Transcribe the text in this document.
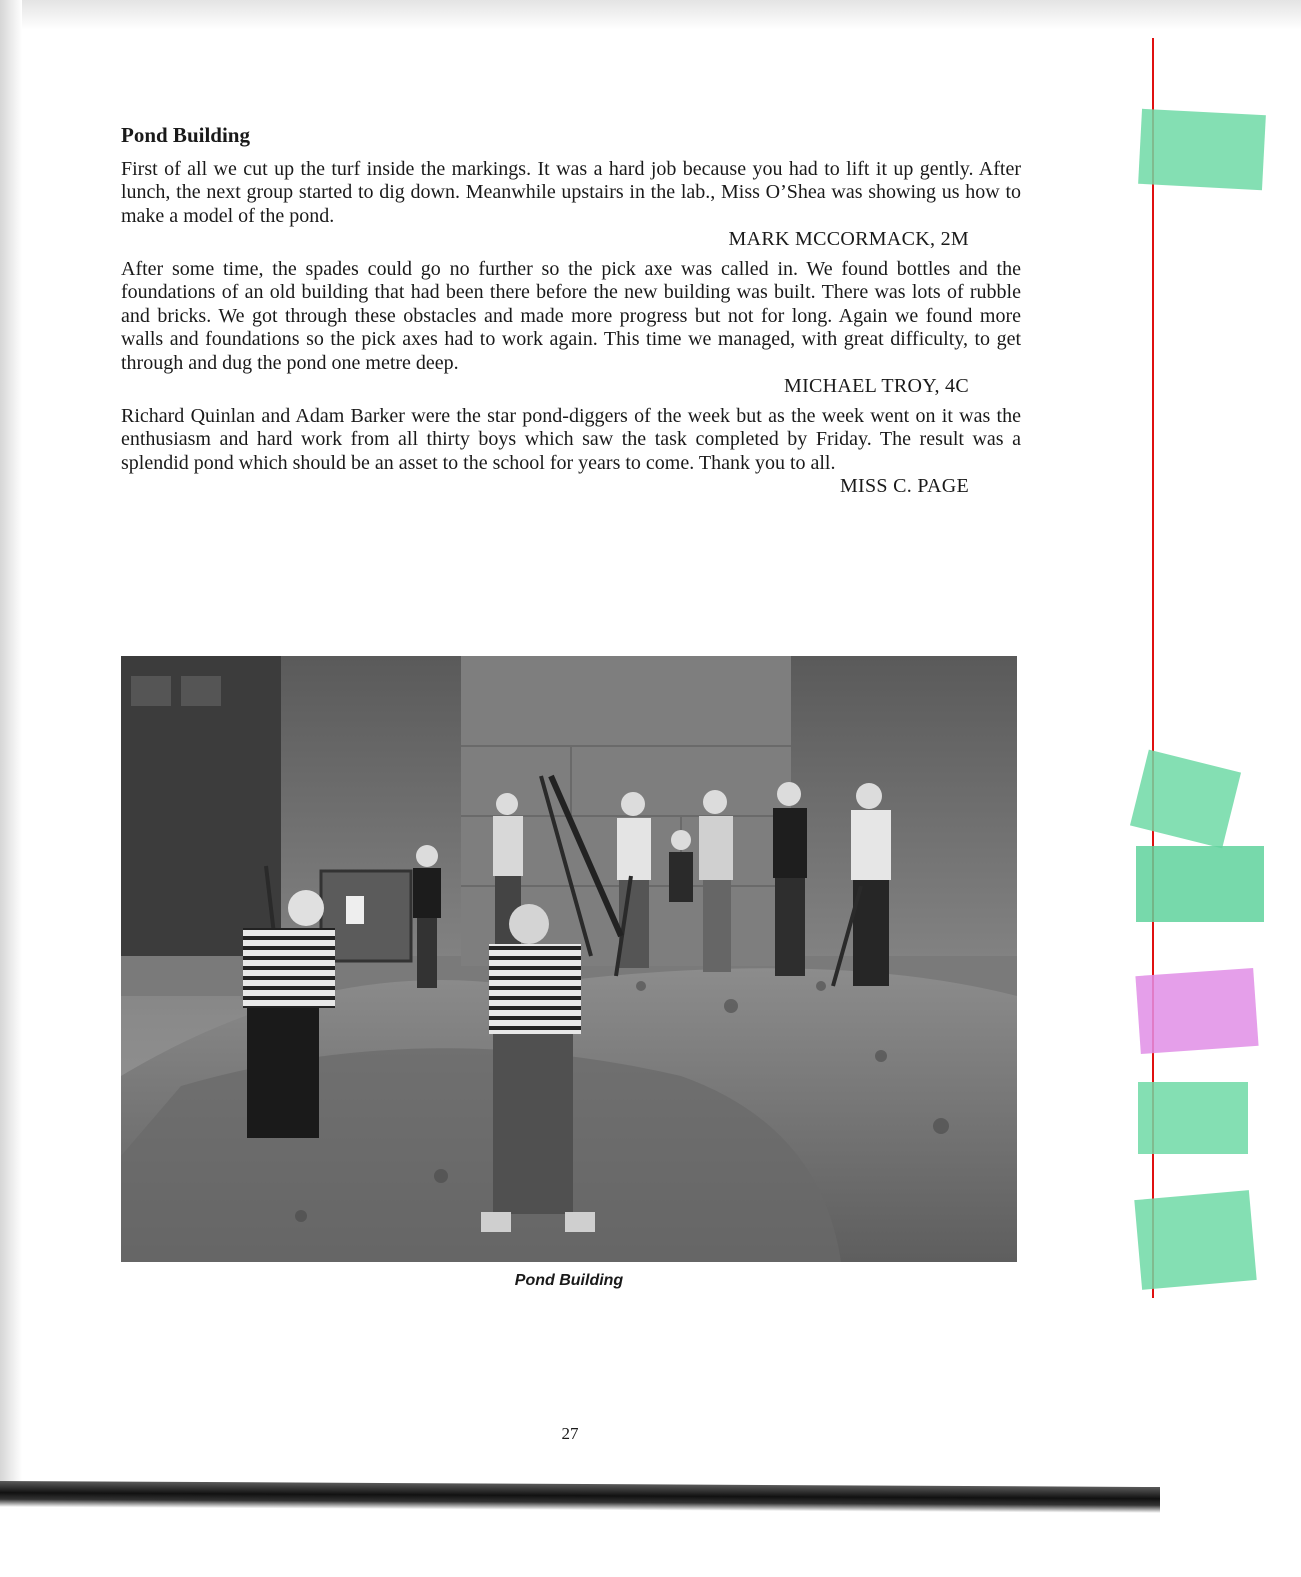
Pond Building

First of all we cut up the turf inside the markings. It was a hard job because you had to lift it up gently. After lunch, the next group started to dig down. Meanwhile upstairs in the lab., Miss O’Shea was showing us how to make a model of the pond.

MARK MCCORMACK, 2M

After some time, the spades could go no further so the pick axe was called in. We found bottles and the foundations of an old building that had been there before the new building was built. There was lots of rubble and bricks. We got through these obstacles and made more progress but not for long. Again we found more walls and foundations so the pick axes had to work again. This time we managed, with great difficulty, to get through and dug the pond one metre deep.

MICHAEL TROY, 4C

Richard Quinlan and Adam Barker were the star pond-diggers of the week but as the week went on it was the enthusiasm and hard work from all thirty boys which saw the task completed by Friday. The result was a splendid pond which should be an asset to the school for years to come. Thank you to all.

MISS C. PAGE
Pond Building
27
